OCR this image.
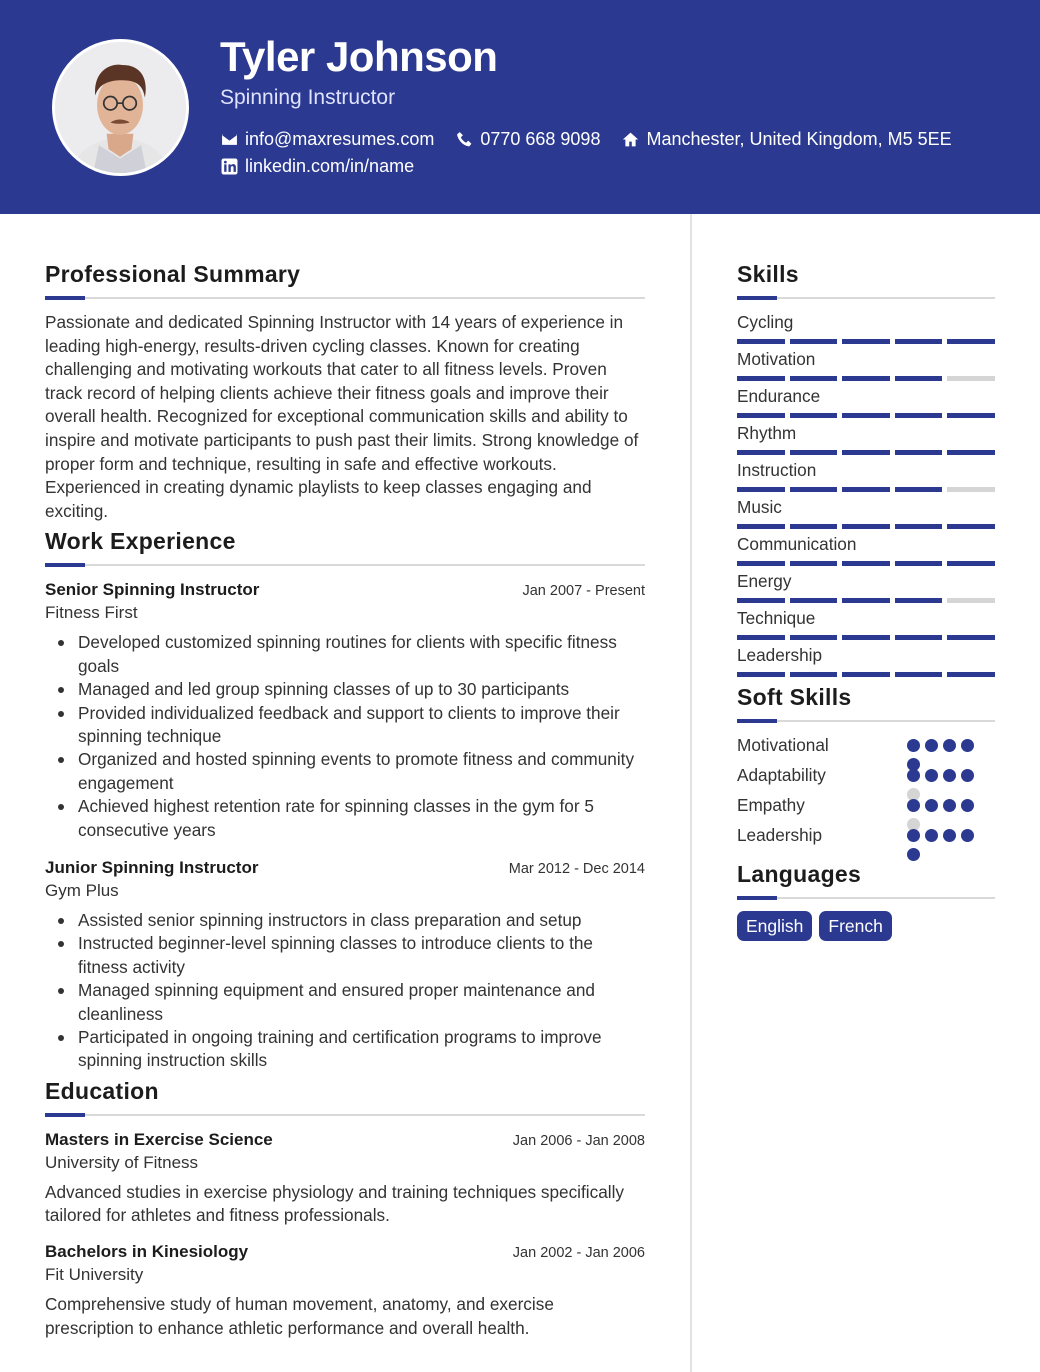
Tyler Johnson
Spinning Instructor
info@maxresumes.com	0770 668 9098	Manchester, United Kingdom, M5 5EE
linkedin.com/in/name
Professional Summary
Passionate and dedicated Spinning Instructor with 14 years of experience in leading high-energy, results-driven cycling classes. Known for creating challenging and motivating workouts that cater to all fitness levels. Proven track record of helping clients achieve their fitness goals and improve their overall health. Recognized for exceptional communication skills and ability to inspire and motivate participants to push past their limits. Strong knowledge of proper form and technique, resulting in safe and effective workouts. Experienced in creating dynamic playlists to keep classes engaging and exciting.
Work Experience
Senior Spinning Instructor	Jan 2007 - Present
Fitness First
Developed customized spinning routines for clients with specific fitness goals
Managed and led group spinning classes of up to 30 participants
Provided individualized feedback and support to clients to improve their spinning technique
Organized and hosted spinning events to promote fitness and community engagement
Achieved highest retention rate for spinning classes in the gym for 5 consecutive years
Junior Spinning Instructor	Mar 2012 - Dec 2014
Gym Plus
Assisted senior spinning instructors in class preparation and setup
Instructed beginner-level spinning classes to introduce clients to the fitness activity
Managed spinning equipment and ensured proper maintenance and cleanliness
Participated in ongoing training and certification programs to improve spinning instruction skills
Education
Masters in Exercise Science	Jan 2006 - Jan 2008
University of Fitness
Advanced studies in exercise physiology and training techniques specifically tailored for athletes and fitness professionals.
Bachelors in Kinesiology	Jan 2002 - Jan 2006
Fit University
Comprehensive study of human movement, anatomy, and exercise prescription to enhance athletic performance and overall health.
Skills
Cycling
Motivation
Endurance
Rhythm
Instruction
Music
Communication
Energy
Technique
Leadership
Soft Skills
Motivational
Adaptability
Empathy
Leadership
Languages
English	French
